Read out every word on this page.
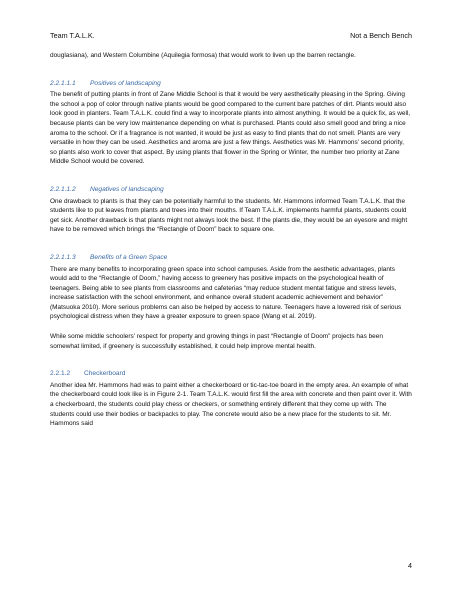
Team T.A.L.K.	Not a Bench Bench

douglasiana), and Western Columbine (Aquilegia formosa) that would work to liven up the barren rectangle.

2.2.1.1.1 Positives of landscaping

The benefit of putting plants in front of Zane Middle School is that it would be very aesthetically pleasing in the Spring. Giving the school a pop of color through native plants would be good compared to the current bare patches of dirt. Plants would also look good in planters. Team T.A.L.K. could find a way to incorporate plants into almost anything. It would be a quick fix, as well, because plants can be very low maintenance depending on what is purchased. Plants could also smell good and bring a nice aroma to the school. Or if a fragrance is not wanted, it would be just as easy to find plants that do not smell. Plants are very versatile in how they can be used. Aesthetics and aroma are just a few things. Aesthetics was Mr. Hammons' second priority, so plants also work to cover that aspect. By using plants that flower in the Spring or Winter, the number two priority at Zane Middle School would be covered.

2.2.1.1.2 Negatives of landscaping

One drawback to plants is that they can be potentially harmful to the students. Mr. Hammons informed Team T.A.L.K. that the students like to put leaves from plants and trees into their mouths. If Team T.A.L.K. implements harmful plants, students could get sick. Another drawback is that plants might not always look the best. If the plants die, they would be an eyesore and might have to be removed which brings the “Rectangle of Doom” back to square one.

2.2.1.1.3 Benefits of a Green Space

There are many benefits to incorporating green space into school campuses. Aside from the aesthetic advantages, plants would add to the “Rectangle of Doom,” having access to greenery has positive impacts on the psychological health of teenagers. Being able to see plants from classrooms and cafeterias “may reduce student mental fatigue and stress levels, increase satisfaction with the school environment, and enhance overall student academic achievement and behavior” (Matsuoka 2010). More serious problems can also be helped by access to nature. Teenagers have a lowered risk of serious psychological distress when they have a greater exposure to green space (Wang et al. 2019).

While some middle schoolers' respect for property and growing things in past “Rectangle of Doom” projects has been somewhat limited, if greenery is successfully established, it could help improve mental health.

2.2.1.2 Checkerboard

Another idea Mr. Hammons had was to paint either a checkerboard or tic-tac-toe board in the empty area. An example of what the checkerboard could look like is in Figure 2-1. Team T.A.L.K. would first fill the area with concrete and then paint over it. With a checkerboard, the students could play chess or checkers, or something entirely different that they come up with. The students could use their bodies or backpacks to play. The concrete would also be a new place for the students to sit. Mr. Hammons said

4
